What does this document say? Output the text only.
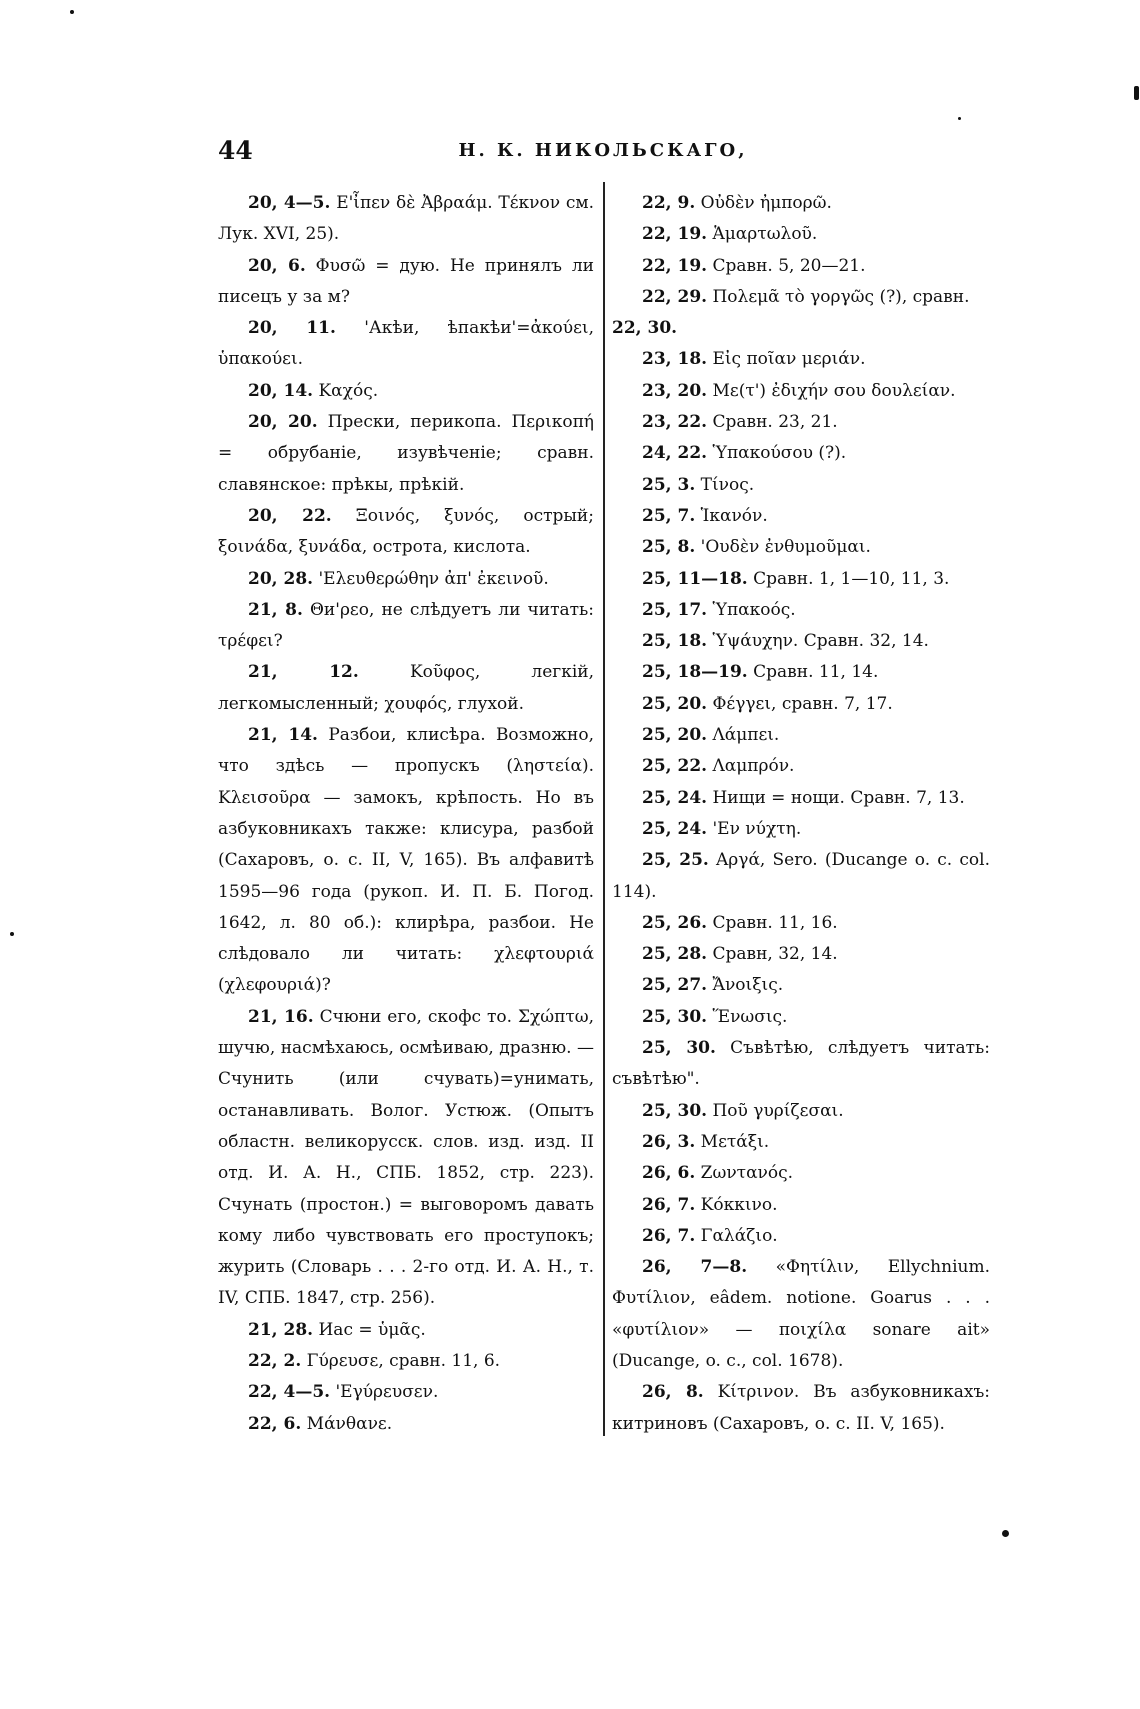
44	Н. К. НИКОЛЬСКАГО,

20, 4—5. Ε'ἶπεν δὲ Ἀβραάμ. Τέκνον см. Лук. XVI, 25).

20, 6. Φυσῶ = дую. Не принялъ ли писецъ у за м?

20, 11. 'Акѣи, ѣпакѣи'=ἀκούει, ὑπακούει.

20, 14. Καχός.

20, 20. Прески, перикопа. Περικοπή = обрубаніе, изувѣченіе; сравн. славянское: прѣкы, прѣкій.

20, 22. Ξοινός, ξυνός, острый; ξοινάδα, ξυνάδα, острота, кислота.

20, 28. 'Ελευθερώθην ἀπ' ἐκεινοῦ.

21, 8. Θи'ρεο, не слѣдуетъ ли читать: τρέφει?

21, 12.	Κοῦφος, легкій, легкомысленный; χουφός, глухой.

21, 14. Разбои, клисѣра. Возможно, что здѣсь — пропускъ (ληστεία). Κλεισοῦρα — замокъ, крѣпость. Но въ азбуковникахъ также: клисура, разбой (Сахаровъ, о. с. II, V, 165). Въ алфавитѣ 1595—96 года (рукоп. И. П. Б. Погод. 1642, л. 80 об.): клирѣра, разбои. Не слѣдовало ли читать: χλεφτουριά (χλεφουριά)?

21, 16. Счюни его, скофс то. Σχώπτω, шучю, насмѣхаюсь, осмѣиваю, дразню. — Счунить (или счувать)=унимать, останавливать. Волог. Устюж. (Опытъ областн. великорусск. слов. изд. изд. II отд. И. А. Н., СПБ. 1852, стр. 223). Счунать (простон.) = выговоромъ давать кому либо чувствовать его проступокъ; журить (Словарь . . . 2-го отд. И. А. Н., т. IV, СПБ. 1847, стр. 256).

21, 28. Иас = ὑμᾶς.

22, 2. Γύρευσε, сравн. 11, 6.

22, 4—5. 'Εγύρευσεν.

22, 6. Μάνθανε.

22, 9. Οὐδὲν ἠμπορῶ.

22, 19. Ἁμαρτωλοῦ.

22, 19. Сравн. 5, 20—21.

22, 29. Πολεμᾶ τὸ γοργῶς (?), сравн.

22, 30.

23, 18. Εἰς ποῖαν μεριάν.

23, 20. Με(τ') ἐδιχήν σου δουλείαν.

23, 22. Сравн. 23, 21.

24, 22. Ὑπακούσου (?).

25, 3. Τίνος.

25, 7. Ἱκανόν.

25, 8. 'Ουδὲν ἐνθυμοῦμαι.

25, 11—18. Сравн. 1, 1—10, 11, 3.

25, 17. Ὑπακοός.

25, 18. Ὑψάυχην. Сравн. 32, 14.

25, 18—19. Сравн. 11, 14.

25, 20. Φέγγει, сравн. 7, 17.

25, 20. Λάμπει.

25, 22. Λαμπρόν.

25, 24. Нищи = нощи. Сравн. 7, 13.

25, 24. 'Εν νύχτη.

25, 25. Αργά, Sero. (Ducange o. c. col. 114).

25, 26. Сравн. 11, 16.

25, 28. Сравн, 32, 14.

25, 27. Ἄνοιξις.

25, 30. Ἕνωσις.

25, 30. Съвѣтѣю, слѣдуетъ читать: съвѣтѣю".

25, 30. Ποῦ γυρίζεσαι.

26, 3. Μετάξι.

26, 6. Ζωντανός.

26, 7. Κόκκινο.

26, 7. Γαλάζιο.

26, 7—8. «Φητίλιν, Ellychnium. Φυτίλιον, eâdem. notione. Goarus . . . «φυτίλιον» — ποιχίλα sonare ait» (Ducange, o. c., col. 1678).

26, 8. Κίτρινον. Въ азбуковникахъ: китриновъ (Сахаровъ, о. с. II. V, 165).
